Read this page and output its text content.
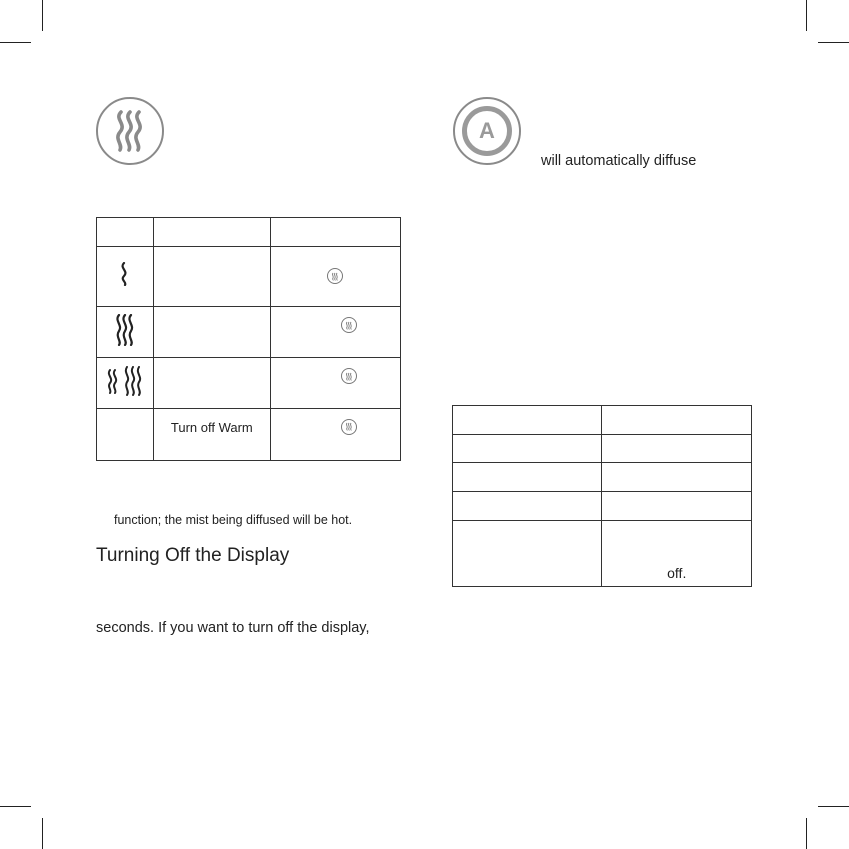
	Turn off Warm	
function; the mist being diffused will be hot.
Turning Off the Display
seconds. If you want to turn off the display,
A
will automatically diffuse

	off.
